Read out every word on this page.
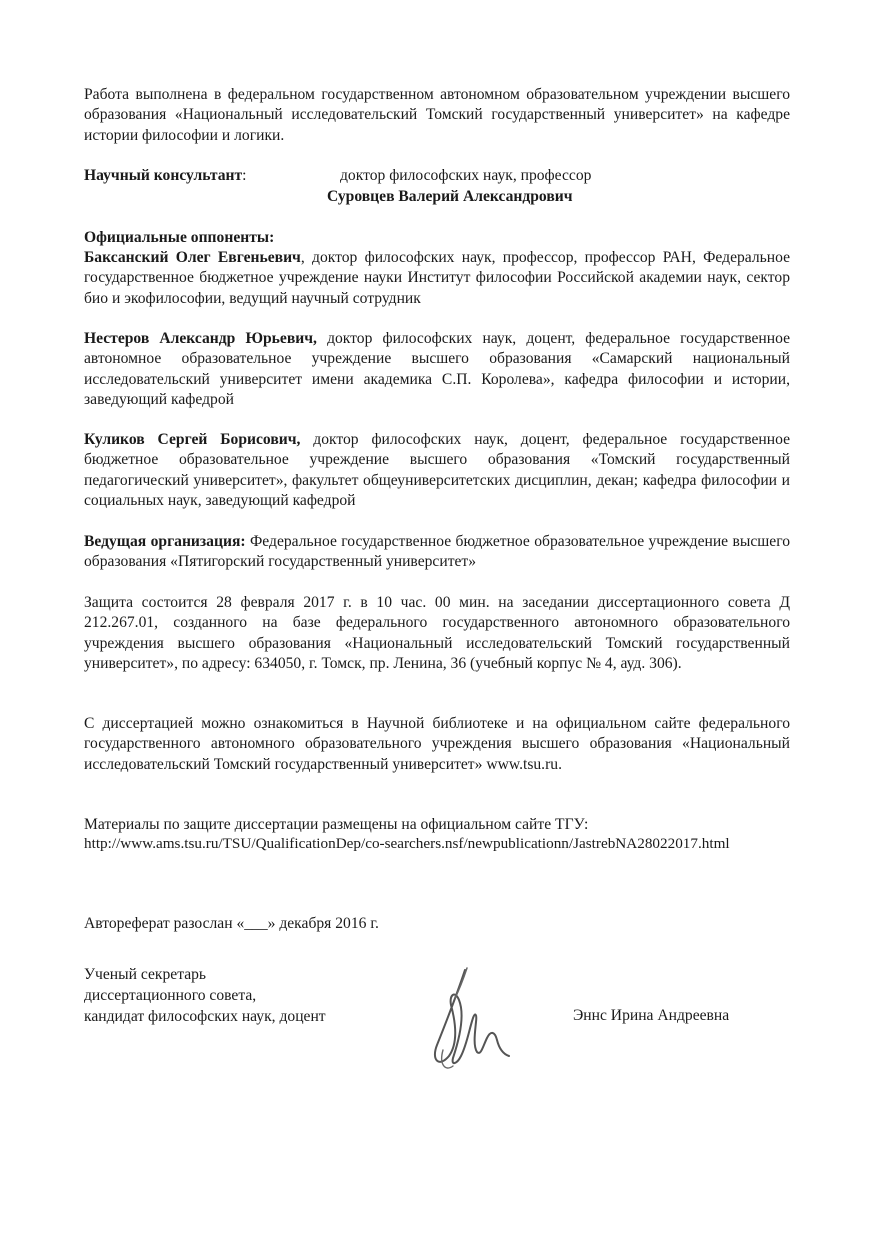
Работа выполнена в федеральном государственном автономном образовательном учреждении высшего образования «Национальный исследовательский Томский государственный университет» на кафедре истории философии и логики.

Научный консультант:	доктор философских наук, профессор

Суровцев Валерий Александрович

Официальные оппоненты:

Баксанский Олег Евгеньевич, доктор философских наук, профессор, профессор РАН, Федеральное государственное бюджетное учреждение науки Институт философии Российской академии наук, сектор био и экофилософии, ведущий научный сотрудник

Нестеров Александр Юрьевич, доктор философских наук, доцент, федеральное государственное автономное образовательное учреждение высшего образования «Самарский национальный исследовательский университет имени академика С.П. Королева», кафедра философии и истории, заведующий кафедрой

Куликов Сергей Борисович, доктор философских наук, доцент, федеральное государственное бюджетное образовательное учреждение высшего образования «Томский государственный педагогический университет», факультет общеуниверситетских дисциплин, декан; кафедра философии и социальных наук, заведующий кафедрой

Ведущая организация: Федеральное государственное бюджетное образовательное учреждение высшего образования «Пятигорский государственный университет»

Защита состоится 28 февраля 2017 г. в 10 час. 00 мин. на заседании диссертационного совета Д 212.267.01, созданного на базе федерального государственного автономного образовательного учреждения высшего образования «Национальный исследовательский Томский государственный университет», по адресу: 634050, г. Томск, пр. Ленина, 36 (учебный корпус № 4, ауд. 306).

С диссертацией можно ознакомиться в Научной библиотеке и на официальном сайте федерального государственного автономного образовательного учреждения высшего образования «Национальный исследовательский Томский государственный университет» www.tsu.ru.

Материалы по защите диссертации размещены на официальном сайте ТГУ:

http://www.ams.tsu.ru/TSU/QualificationDep/co-searchers.nsf/newpublicationn/JastrebNA28022017.html

Автореферат разослан «___» декабря 2016 г.

Ученый секретарь
диссертационного совета,
кандидат философских наук, доцент	Эннс Ирина Андреевна
